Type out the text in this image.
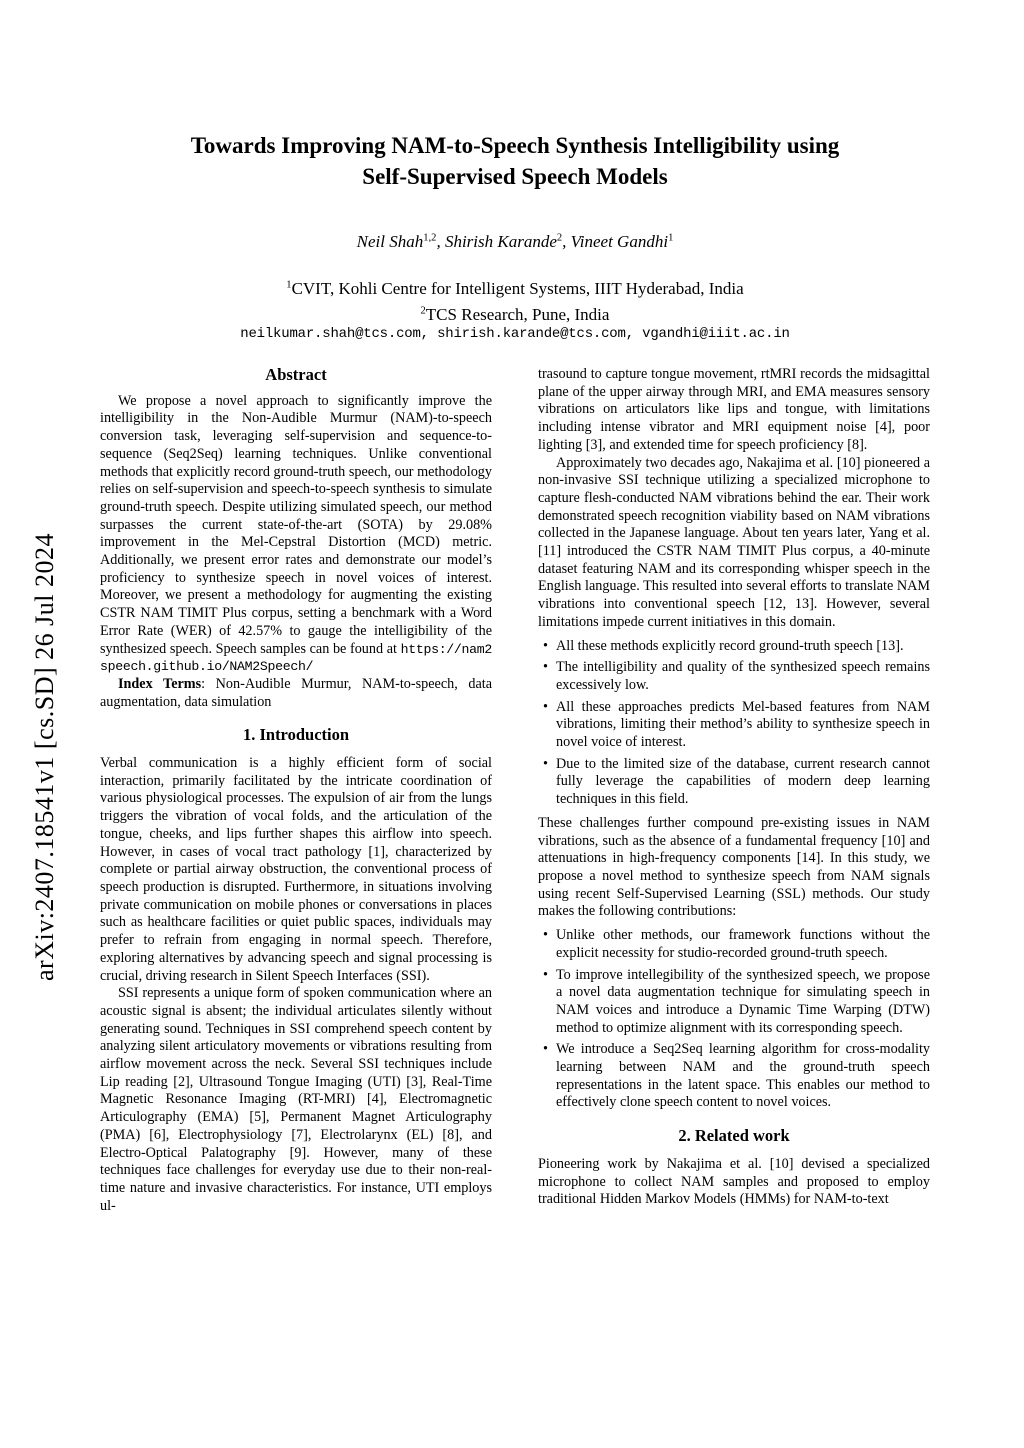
arXiv:2407.18541v1 [cs.SD] 26 Jul 2024
Towards Improving NAM-to-Speech Synthesis Intelligibility using
Self-Supervised Speech Models
Neil Shah$^{1,2}$, Shirish Karande$^2$, Vineet Gandhi$^1$
$^1$CVIT, Kohli Centre for Intelligent Systems, IIIT Hyderabad, India
$^2$TCS Research, Pune, India
neilkumar.shah@tcs.com, shirish.karande@tcs.com, vgandhi@iiit.ac.in
Abstract

We propose a novel approach to significantly improve the intelligibility in the Non-Audible Murmur (NAM)-to-speech conversion task, leveraging self-supervision and sequence-to-sequence (Seq2Seq) learning techniques. Unlike conventional methods that explicitly record ground-truth speech, our methodology relies on self-supervision and speech-to-speech synthesis to simulate ground-truth speech. Despite utilizing simulated speech, our method surpasses the current state-of-the-art (SOTA) by 29.08% improvement in the Mel-Cepstral Distortion (MCD) metric. Additionally, we present error rates and demonstrate our model’s proficiency to synthesize speech in novel voices of interest. Moreover, we present a methodology for augmenting the existing CSTR NAM TIMIT Plus corpus, setting a benchmark with a Word Error Rate (WER) of 42.57% to gauge the intelligibility of the synthesized speech. Speech samples can be found at https://nam2speech.github.io/NAM2Speech/

Index Terms: Non-Audible Murmur, NAM-to-speech, data augmentation, data simulation

1. Introduction

Verbal communication is a highly efficient form of social interaction, primarily facilitated by the intricate coordination of various physiological processes. The expulsion of air from the lungs triggers the vibration of vocal folds, and the articulation of the tongue, cheeks, and lips further shapes this airflow into speech. However, in cases of vocal tract pathology [1], characterized by complete or partial airway obstruction, the conventional process of speech production is disrupted. Furthermore, in situations involving private communication on mobile phones or conversations in places such as healthcare facilities or quiet public spaces, individuals may prefer to refrain from engaging in normal speech. Therefore, exploring alternatives by advancing speech and signal processing is crucial, driving research in Silent Speech Interfaces (SSI).

SSI represents a unique form of spoken communication where an acoustic signal is absent; the individual articulates silently without generating sound. Techniques in SSI comprehend speech content by analyzing silent articulatory movements or vibrations resulting from airflow movement across the neck. Several SSI techniques include Lip reading [2], Ultrasound Tongue Imaging (UTI) [3], Real-Time Magnetic Resonance Imaging (RT-MRI) [4], Electromagnetic Articulography (EMA) [5], Permanent Magnet Articulography (PMA) [6], Electrophysiology [7], Electrolarynx (EL) [8], and Electro-Optical Palatography [9]. However, many of these techniques face challenges for everyday use due to their non-real-time nature and invasive characteristics. For instance, UTI employs ul-

trasound to capture tongue movement, rtMRI records the midsagittal plane of the upper airway through MRI, and EMA measures sensory vibrations on articulators like lips and tongue, with limitations including intense vibrator and MRI equipment noise [4], poor lighting [3], and extended time for speech proficiency [8].

Approximately two decades ago, Nakajima et al. [10] pioneered a non-invasive SSI technique utilizing a specialized microphone to capture flesh-conducted NAM vibrations behind the ear. Their work demonstrated speech recognition viability based on NAM vibrations collected in the Japanese language. About ten years later, Yang et al. [11] introduced the CSTR NAM TIMIT Plus corpus, a 40-minute dataset featuring NAM and its corresponding whisper speech in the English language. This resulted into several efforts to translate NAM vibrations into conventional speech [12, 13]. However, several limitations impede current initiatives in this domain.

• All these methods explicitly record ground-truth speech [13].
• The intelligibility and quality of the synthesized speech remains excessively low.
• All these approaches predicts Mel-based features from NAM vibrations, limiting their method’s ability to synthesize speech in novel voice of interest.
• Due to the limited size of the database, current research cannot fully leverage the capabilities of modern deep learning techniques in this field.

These challenges further compound pre-existing issues in NAM vibrations, such as the absence of a fundamental frequency [10] and attenuations in high-frequency components [14]. In this study, we propose a novel method to synthesize speech from NAM signals using recent Self-Supervised Learning (SSL) methods. Our study makes the following contributions:

• Unlike other methods, our framework functions without the explicit necessity for studio-recorded ground-truth speech.
• To improve intellegibility of the synthesized speech, we propose a novel data augmentation technique for simulating speech in NAM voices and introduce a Dynamic Time Warping (DTW) method to optimize alignment with its corresponding speech.
• We introduce a Seq2Seq learning algorithm for cross-modality learning between NAM and the ground-truth speech representations in the latent space. This enables our method to effectively clone speech content to novel voices.
2. Related work

Pioneering work by Nakajima et al. [10] devised a specialized microphone to collect NAM samples and proposed to employ traditional Hidden Markov Models (HMMs) for NAM-to-text
